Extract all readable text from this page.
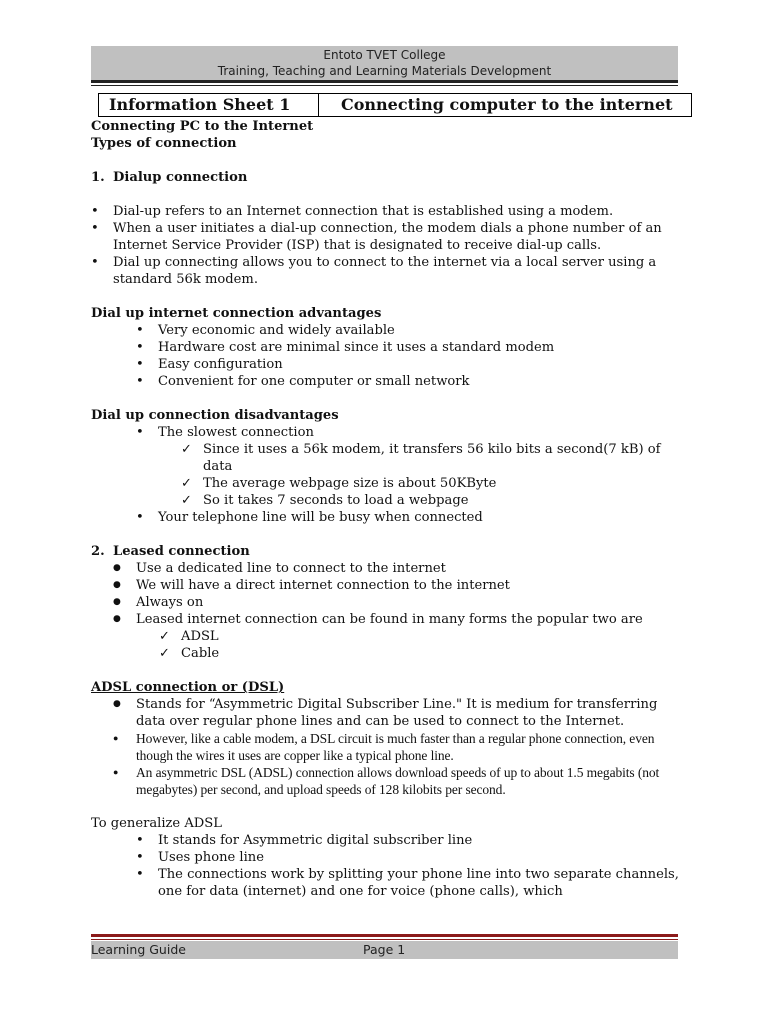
Entoto TVET College
Training, Teaching and Learning Materials Development
Information Sheet 1	Connecting computer to the internet
Connecting PC to the Internet
Types of connection
1. Dialup connection
• Dial-up refers to an Internet connection that is established using a modem.
• When a user initiates a dial-up connection, the modem dials a phone number of an Internet Service Provider (ISP) that is designated to receive dial-up calls.
• Dial up connecting allows you to connect to the internet via a local server using a standard 56k modem.
Dial up internet connection advantages
• Very economic and widely available
• Hardware cost are minimal since it uses a standard modem
• Easy configuration
• Convenient for one computer or small network
Dial up connection disadvantages
• The slowest connection
✓ Since it uses a 56k modem, it transfers 56 kilo bits a second(7 kB) of data
✓ The average webpage size is about 50KByte
✓ So it takes 7 seconds to load a webpage
• Your telephone line will be busy when connected
2. Leased connection
● Use a dedicated line to connect to the internet
● We will have a direct internet connection to the internet
● Always on
● Leased internet connection can be found in many forms the popular two are
✓ ADSL
✓ Cable
ADSL connection or (DSL)
● Stands for “Asymmetric Digital Subscriber Line." It is medium for transferring data over regular phone lines and can be used to connect to the Internet.
● However, like a cable modem, a DSL circuit is much faster than a regular phone connection, even though the wires it uses are copper like a typical phone line.
● An asymmetric DSL (ADSL) connection allows download speeds of up to about 1.5 megabits (not megabytes) per second, and upload speeds of 128 kilobits per second.
To generalize ADSL
• It stands for Asymmetric digital subscriber line
• Uses phone line
• The connections work by splitting your phone line into two separate channels, one for data (internet) and one for voice (phone calls), which
Learning Guide	Page 1
